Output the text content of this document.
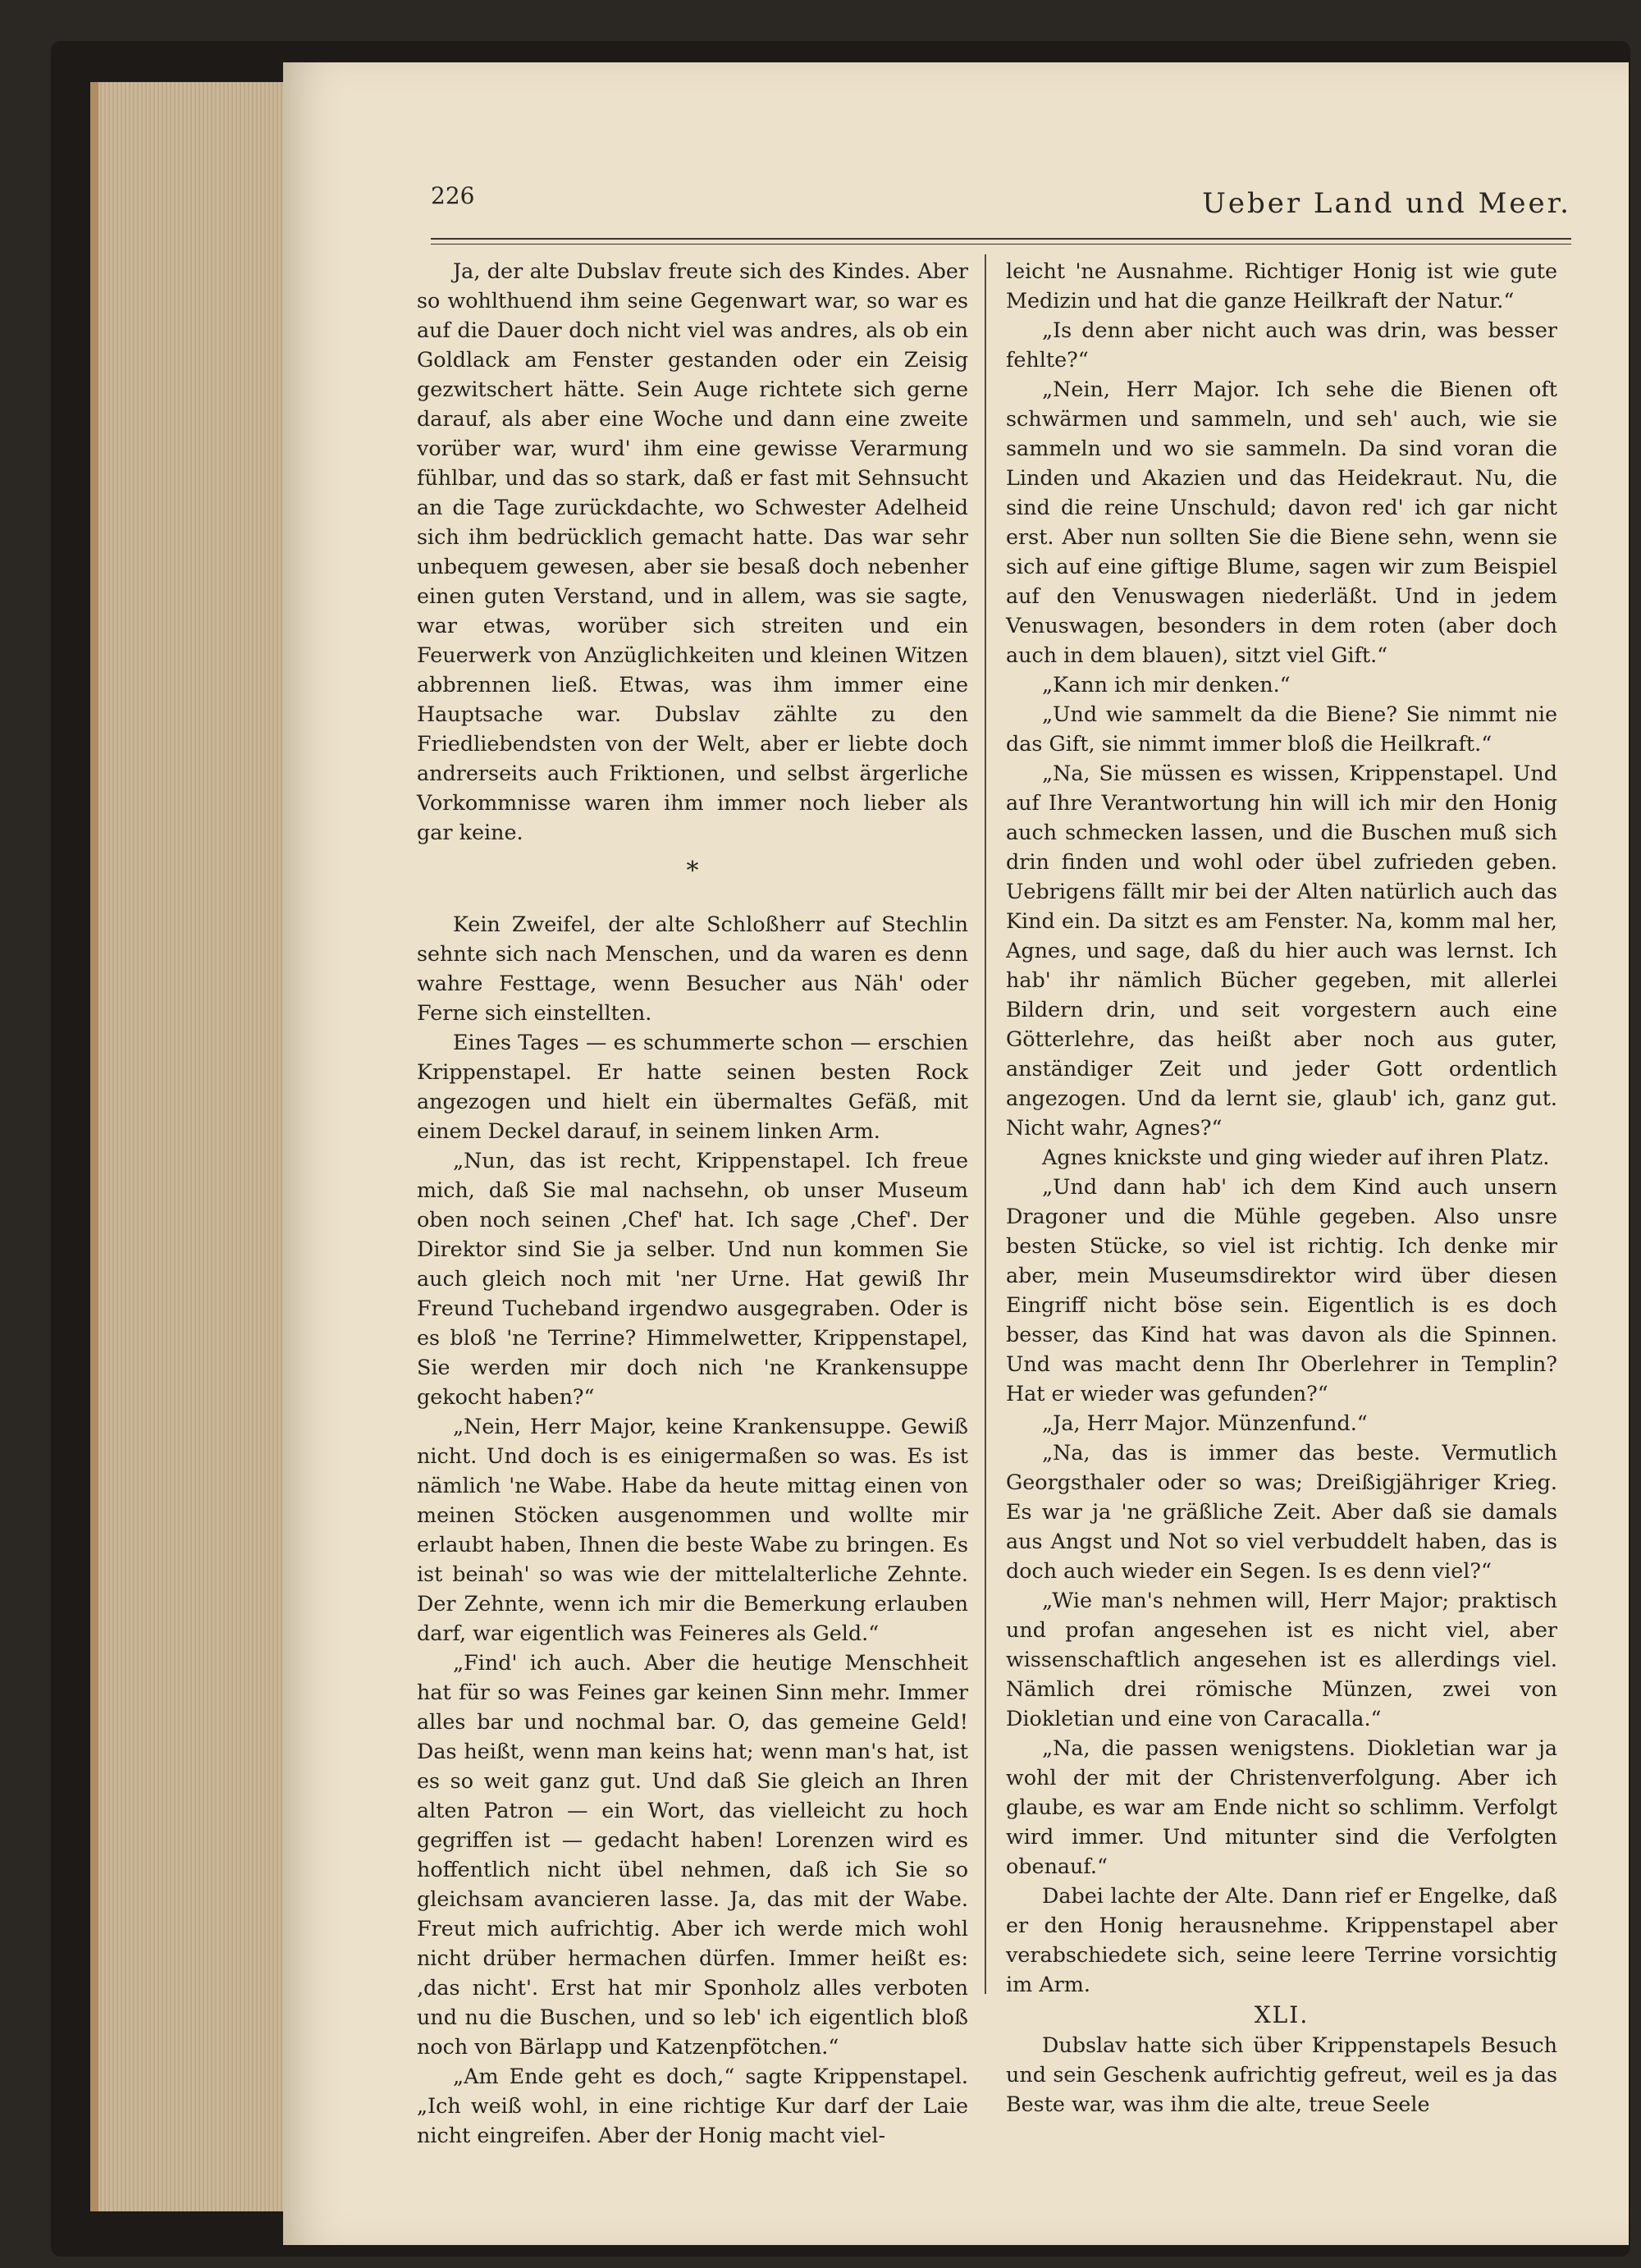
226	Ueber Land und Meer.

Ja, der alte Dubslav freute sich des Kindes. Aber so wohlthuend ihm seine Gegenwart war, so war es auf die Dauer doch nicht viel was andres, als ob ein Goldlack am Fenster gestanden oder ein Zeisig gezwitschert hätte. Sein Auge richtete sich gerne darauf, als aber eine Woche und dann eine zweite vorüber war, wurd' ihm eine gewisse Verarmung fühlbar, und das so stark, daß er fast mit Sehnsucht an die Tage zurückdachte, wo Schwester Adelheid sich ihm bedrücklich gemacht hatte. Das war sehr unbequem gewesen, aber sie besaß doch nebenher einen guten Verstand, und in allem, was sie sagte, war etwas, worüber sich streiten und ein Feuerwerk von Anzüglichkeiten und kleinen Witzen abbrennen ließ. Etwas, was ihm immer eine Hauptsache war. Dubslav zählte zu den Friedliebendsten von der Welt, aber er liebte doch andrerseits auch Friktionen, und selbst ärgerliche Vorkommnisse waren ihm immer noch lieber als gar keine.

*

Kein Zweifel, der alte Schloßherr auf Stechlin sehnte sich nach Menschen, und da waren es denn wahre Festtage, wenn Besucher aus Näh' oder Ferne sich einstellten.

Eines Tages — es schummerte schon — erschien Krippenstapel. Er hatte seinen besten Rock angezogen und hielt ein übermaltes Gefäß, mit einem Deckel darauf, in seinem linken Arm.

„Nun, das ist recht, Krippenstapel. Ich freue mich, daß Sie mal nachsehn, ob unser Museum oben noch seinen ‚Chef' hat. Ich sage ‚Chef'. Der Direktor sind Sie ja selber. Und nun kommen Sie auch gleich noch mit 'ner Urne. Hat gewiß Ihr Freund Tucheband irgendwo ausgegraben. Oder is es bloß 'ne Terrine? Himmelwetter, Krippenstapel, Sie werden mir doch nich 'ne Krankensuppe gekocht haben?“

„Nein, Herr Major, keine Krankensuppe. Gewiß nicht. Und doch is es einigermaßen so was. Es ist nämlich 'ne Wabe. Habe da heute mittag einen von meinen Stöcken ausgenommen und wollte mir erlaubt haben, Ihnen die beste Wabe zu bringen. Es ist beinah' so was wie der mittelalterliche Zehnte. Der Zehnte, wenn ich mir die Bemerkung erlauben darf, war eigentlich was Feineres als Geld.“

„Find' ich auch. Aber die heutige Menschheit hat für so was Feines gar keinen Sinn mehr. Immer alles bar und nochmal bar. O, das gemeine Geld! Das heißt, wenn man keins hat; wenn man's hat, ist es so weit ganz gut. Und daß Sie gleich an Ihren alten Patron — ein Wort, das vielleicht zu hoch gegriffen ist — gedacht haben! Lorenzen wird es hoffentlich nicht übel nehmen, daß ich Sie so gleichsam avancieren lasse. Ja, das mit der Wabe. Freut mich aufrichtig. Aber ich werde mich wohl nicht drüber hermachen dürfen. Immer heißt es: ‚das nicht'. Erst hat mir Sponholz alles verboten und nu die Buschen, und so leb' ich eigentlich bloß noch von Bärlapp und Katzenpfötchen.“

„Am Ende geht es doch,“ sagte Krippenstapel. „Ich weiß wohl, in eine richtige Kur darf der Laie nicht eingreifen. Aber der Honig macht viel-

leicht 'ne Ausnahme. Richtiger Honig ist wie gute Medizin und hat die ganze Heilkraft der Natur.“

„Is denn aber nicht auch was drin, was besser fehlte?“

„Nein, Herr Major. Ich sehe die Bienen oft schwärmen und sammeln, und seh' auch, wie sie sammeln und wo sie sammeln. Da sind voran die Linden und Akazien und das Heidekraut. Nu, die sind die reine Unschuld; davon red' ich gar nicht erst. Aber nun sollten Sie die Biene sehn, wenn sie sich auf eine giftige Blume, sagen wir zum Beispiel auf den Venuswagen niederläßt. Und in jedem Venuswagen, besonders in dem roten (aber doch auch in dem blauen), sitzt viel Gift.“

„Kann ich mir denken.“

„Und wie sammelt da die Biene? Sie nimmt nie das Gift, sie nimmt immer bloß die Heilkraft.“

„Na, Sie müssen es wissen, Krippenstapel. Und auf Ihre Verantwortung hin will ich mir den Honig auch schmecken lassen, und die Buschen muß sich drin finden und wohl oder übel zufrieden geben. Uebrigens fällt mir bei der Alten natürlich auch das Kind ein. Da sitzt es am Fenster. Na, komm mal her, Agnes, und sage, daß du hier auch was lernst. Ich hab' ihr nämlich Bücher gegeben, mit allerlei Bildern drin, und seit vorgestern auch eine Götterlehre, das heißt aber noch aus guter, anständiger Zeit und jeder Gott ordentlich angezogen. Und da lernt sie, glaub' ich, ganz gut. Nicht wahr, Agnes?“

Agnes knickste und ging wieder auf ihren Platz.

„Und dann hab' ich dem Kind auch unsern Dragoner und die Mühle gegeben. Also unsre besten Stücke, so viel ist richtig. Ich denke mir aber, mein Museumsdirektor wird über diesen Eingriff nicht böse sein. Eigentlich is es doch besser, das Kind hat was davon als die Spinnen. Und was macht denn Ihr Oberlehrer in Templin? Hat er wieder was gefunden?“

„Ja, Herr Major. Münzenfund.“

„Na, das is immer das beste. Vermutlich Georgsthaler oder so was; Dreißigjähriger Krieg. Es war ja 'ne gräßliche Zeit. Aber daß sie damals aus Angst und Not so viel verbuddelt haben, das is doch auch wieder ein Segen. Is es denn viel?“

„Wie man's nehmen will, Herr Major; praktisch und profan angesehen ist es nicht viel, aber wissenschaftlich angesehen ist es allerdings viel. Nämlich drei römische Münzen, zwei von Diokletian und eine von Caracalla.“

„Na, die passen wenigstens. Diokletian war ja wohl der mit der Christenverfolgung. Aber ich glaube, es war am Ende nicht so schlimm. Verfolgt wird immer. Und mitunter sind die Verfolgten obenauf.“

Dabei lachte der Alte. Dann rief er Engelke, daß er den Honig herausnehme. Krippenstapel aber verabschiedete sich, seine leere Terrine vorsichtig im Arm.

XLI.

Dubslav hatte sich über Krippenstapels Besuch und sein Geschenk aufrichtig gefreut, weil es ja das Beste war, was ihm die alte, treue Seele
